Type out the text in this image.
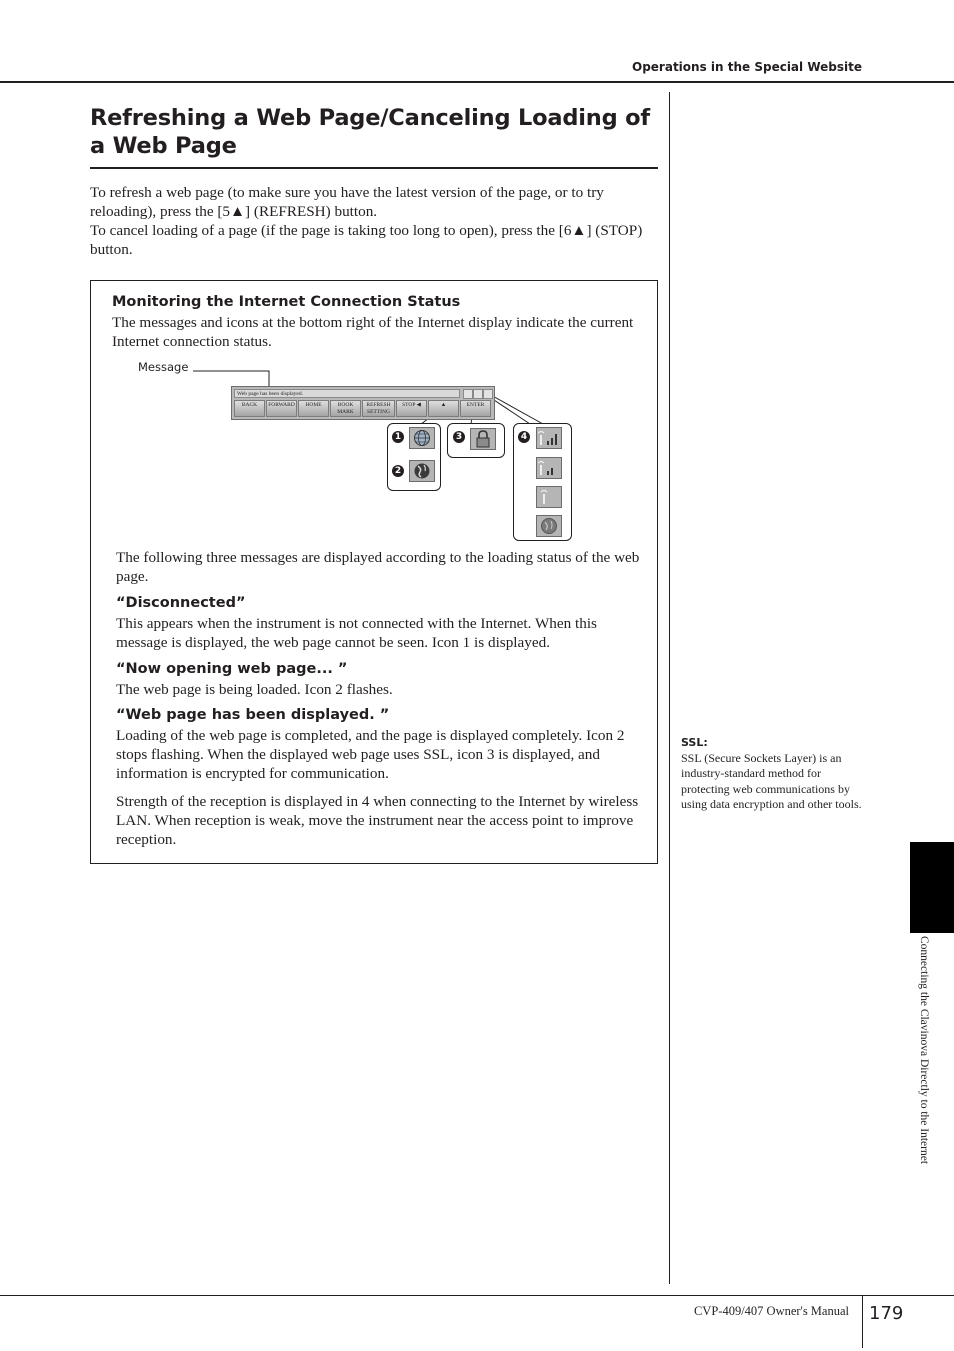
Operations in the Special Website
Refreshing a Web Page/Canceling Loading of a Web Page

To refresh a web page (to make sure you have the latest version of the page, or to try reloading), press the [5▲] (REFRESH) button.
To cancel loading of a page (if the page is taking too long to open), press the [6▲] (STOP) button.

Monitoring the Internet Connection Status

The messages and icons at the bottom right of the Internet display indicate the current Internet connection status.

Message
Web page has been displayed.
BACK	FORWARD	HOME	BOOK MARK
REFRESH SETTING
STOP ◀	▲	ENTER
1
2
3	4

The following three messages are displayed according to the loading status of the web page.

“Disconnected”

This appears when the instrument is not connected with the Internet. When this message is displayed, the web page cannot be seen. Icon 1 is displayed.

“Now opening web page... ”

The web page is being loaded. Icon 2 flashes.

“Web page has been displayed. ”

Loading of the web page is completed, and the page is displayed completely. Icon 2 stops flashing. When the displayed web page uses SSL, icon 3 is displayed, and information is encrypted for communication.

Strength of the reception is displayed in 4 when connecting to the Internet by wireless LAN. When reception is weak, move the instrument near the access point to improve reception.

SSL:
SSL (Secure Sockets Layer) is an industry-standard method for protecting web communications by using data encryption and other tools.
Connecting the Clavinova Directly to the Internet
CVP-409/407 Owner's Manual 179
